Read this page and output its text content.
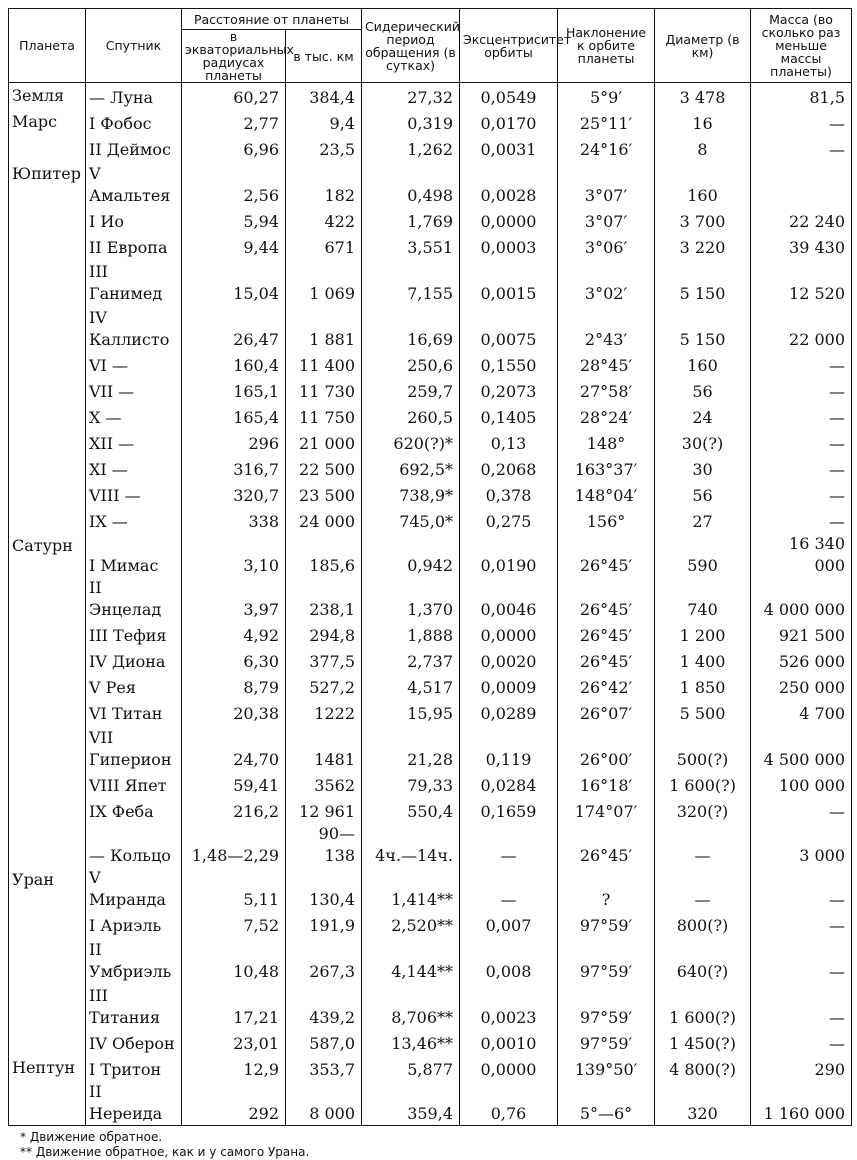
Планета	Спутник	Расстояние от планеты		Сидерический период обращения (в сутках)	Эксцентриситет орбиты	Наклонение к орбите планеты	Диаметр (в км)	Масса (во сколько раз меньше массы планеты)
		в экваториальных радиусах планеты	в тыс. км					
Земля	— Луна	60,27	384,4	27,32	0,0549	5°9′	3 478	81,5
Марс	I Фобос	2,77	9,4	0,319	0,0170	25°11′	16	—
	II Деймос	6,96	23,5	1,262	0,0031	24°16′	8	—
Юпитер	V Амальтея	2,56	182	0,498	0,0028	3°07′	160	
	I Ио	5,94	422	1,769	0,0000	3°07′	3 700	22 240
	II Европа	9,44	671	3,551	0,0003	3°06′	3 220	39 430
	III Ганимед	15,04	1 069	7,155	0,0015	3°02′	5 150	12 520
	IV Каллисто	26,47	1 881	16,69	0,0075	2°43′	5 150	22 000
	VI —	160,4	11 400	250,6	0,1550	28°45′	160	—
	VII —	165,1	11 730	259,7	0,2073	27°58′	56	—
	X —	165,4	11 750	260,5	0,1405	28°24′	24	—
	XII —	296	21 000	620(?)*	0,13	148°	30(?)	—
	XI —	316,7	22 500	692,5*	0,2068	163°37′	30	—
	VIII —	320,7	23 500	738,9*	0,378	148°04′	56	—
	IX —	338	24 000	745,0*	0,275	156°	27	—
Сатурн	I Мимас	3,10	185,6	0,942	0,0190	26°45′	590	16 340 000
	II Энцелад	3,97	238,1	1,370	0,0046	26°45′	740	4 000 000
	III Тефия	4,92	294,8	1,888	0,0000	26°45′	1 200	921 500
	IV Диона	6,30	377,5	2,737	0,0020	26°45′	1 400	526 000
	V Рея	8,79	527,2	4,517	0,0009	26°42′	1 850	250 000
	VI Титан	20,38	1222	15,95	0,0289	26°07′	5 500	4 700
	VII Гиперион	24,70	1481	21,28	0,119	26°00′	500(?)	4 500 000
	VIII Япет	59,41	3562	79,33	0,0284	16°18′	1 600(?)	100 000
	IX Феба	216,2	12 961	550,4	0,1659	174°07′	320(?)	—
	— Кольцо	1,48—2,29	90—138	4ч.—14ч.	—	26°45′	—	3 000
Уран	V Миранда	5,11	130,4	1,414**	—	?	—	—
	I Ариэль	7,52	191,9	2,520**	0,007	97°59′	800(?)	—
	II Умбриэль	10,48	267,3	4,144**	0,008	97°59′	640(?)	—
	III Титания	17,21	439,2	8,706**	0,0023	97°59′	1 600(?)	—
	IV Оберон	23,01	587,0	13,46**	0,0010	97°59′	1 450(?)	—
Нептун	I Тритон	12,9	353,7	5,877	0,0000	139°50′	4 800(?)	290
	II Нереида	292	8 000	359,4	0,76	5°—6°	320	1 160 000
* Движение обратное.
** Движение обратное, как и у самого Урана.
